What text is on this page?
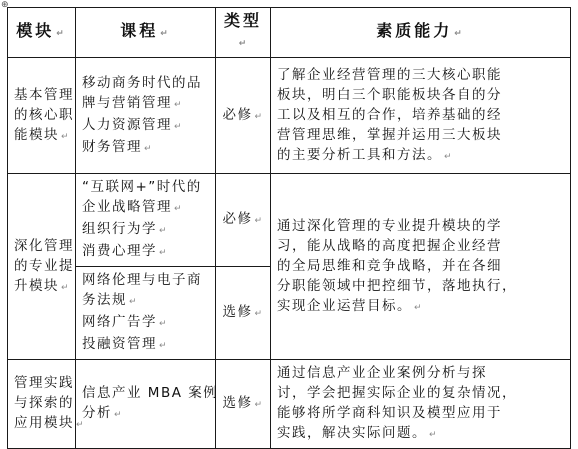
⊕
模块 ↵	课程 ↵	类型↵	素质能力 ↵

基本管理
的核心职
能模块 ↵	移动商务时代的品
牌与营销管理 ↵
人力资源管理 ↵
财务管理 ↵	必修 ↵	了解企业经营管理的三大核心职能
板块，明白三个职能板块各自的分
工以及相互的合作，培养基础的经
营管理思维，掌握并运用三大板块
的主要分析工具和方法。 ↵

深化管理
的专业提
升模块 ↵	“互联网+”时代的
企业战略管理 ↵
组织行为学 ↵
消费心理学 ↵	必修 ↵	通过深化管理的专业提升模块的学
习，能从战略的高度把握企业经营
的全局思维和竞争战略，并在各细
分职能领域中把控细节，落地执行，
实现企业运营目标。 ↵

	网络伦理与电子商
务法规 ↵
网络广告学 ↵
投融资管理 ↵	选修 ↵	

管理实践
与探索的
应用模块 ↵	信息产业 MBA 案例
分析 ↵	选修 ↵	通过信息产业企业案例分析与探
讨，学会把握实际企业的复杂情况，
能够将所学商科知识及模型应用于
实践，解决实际问题。 ↵
